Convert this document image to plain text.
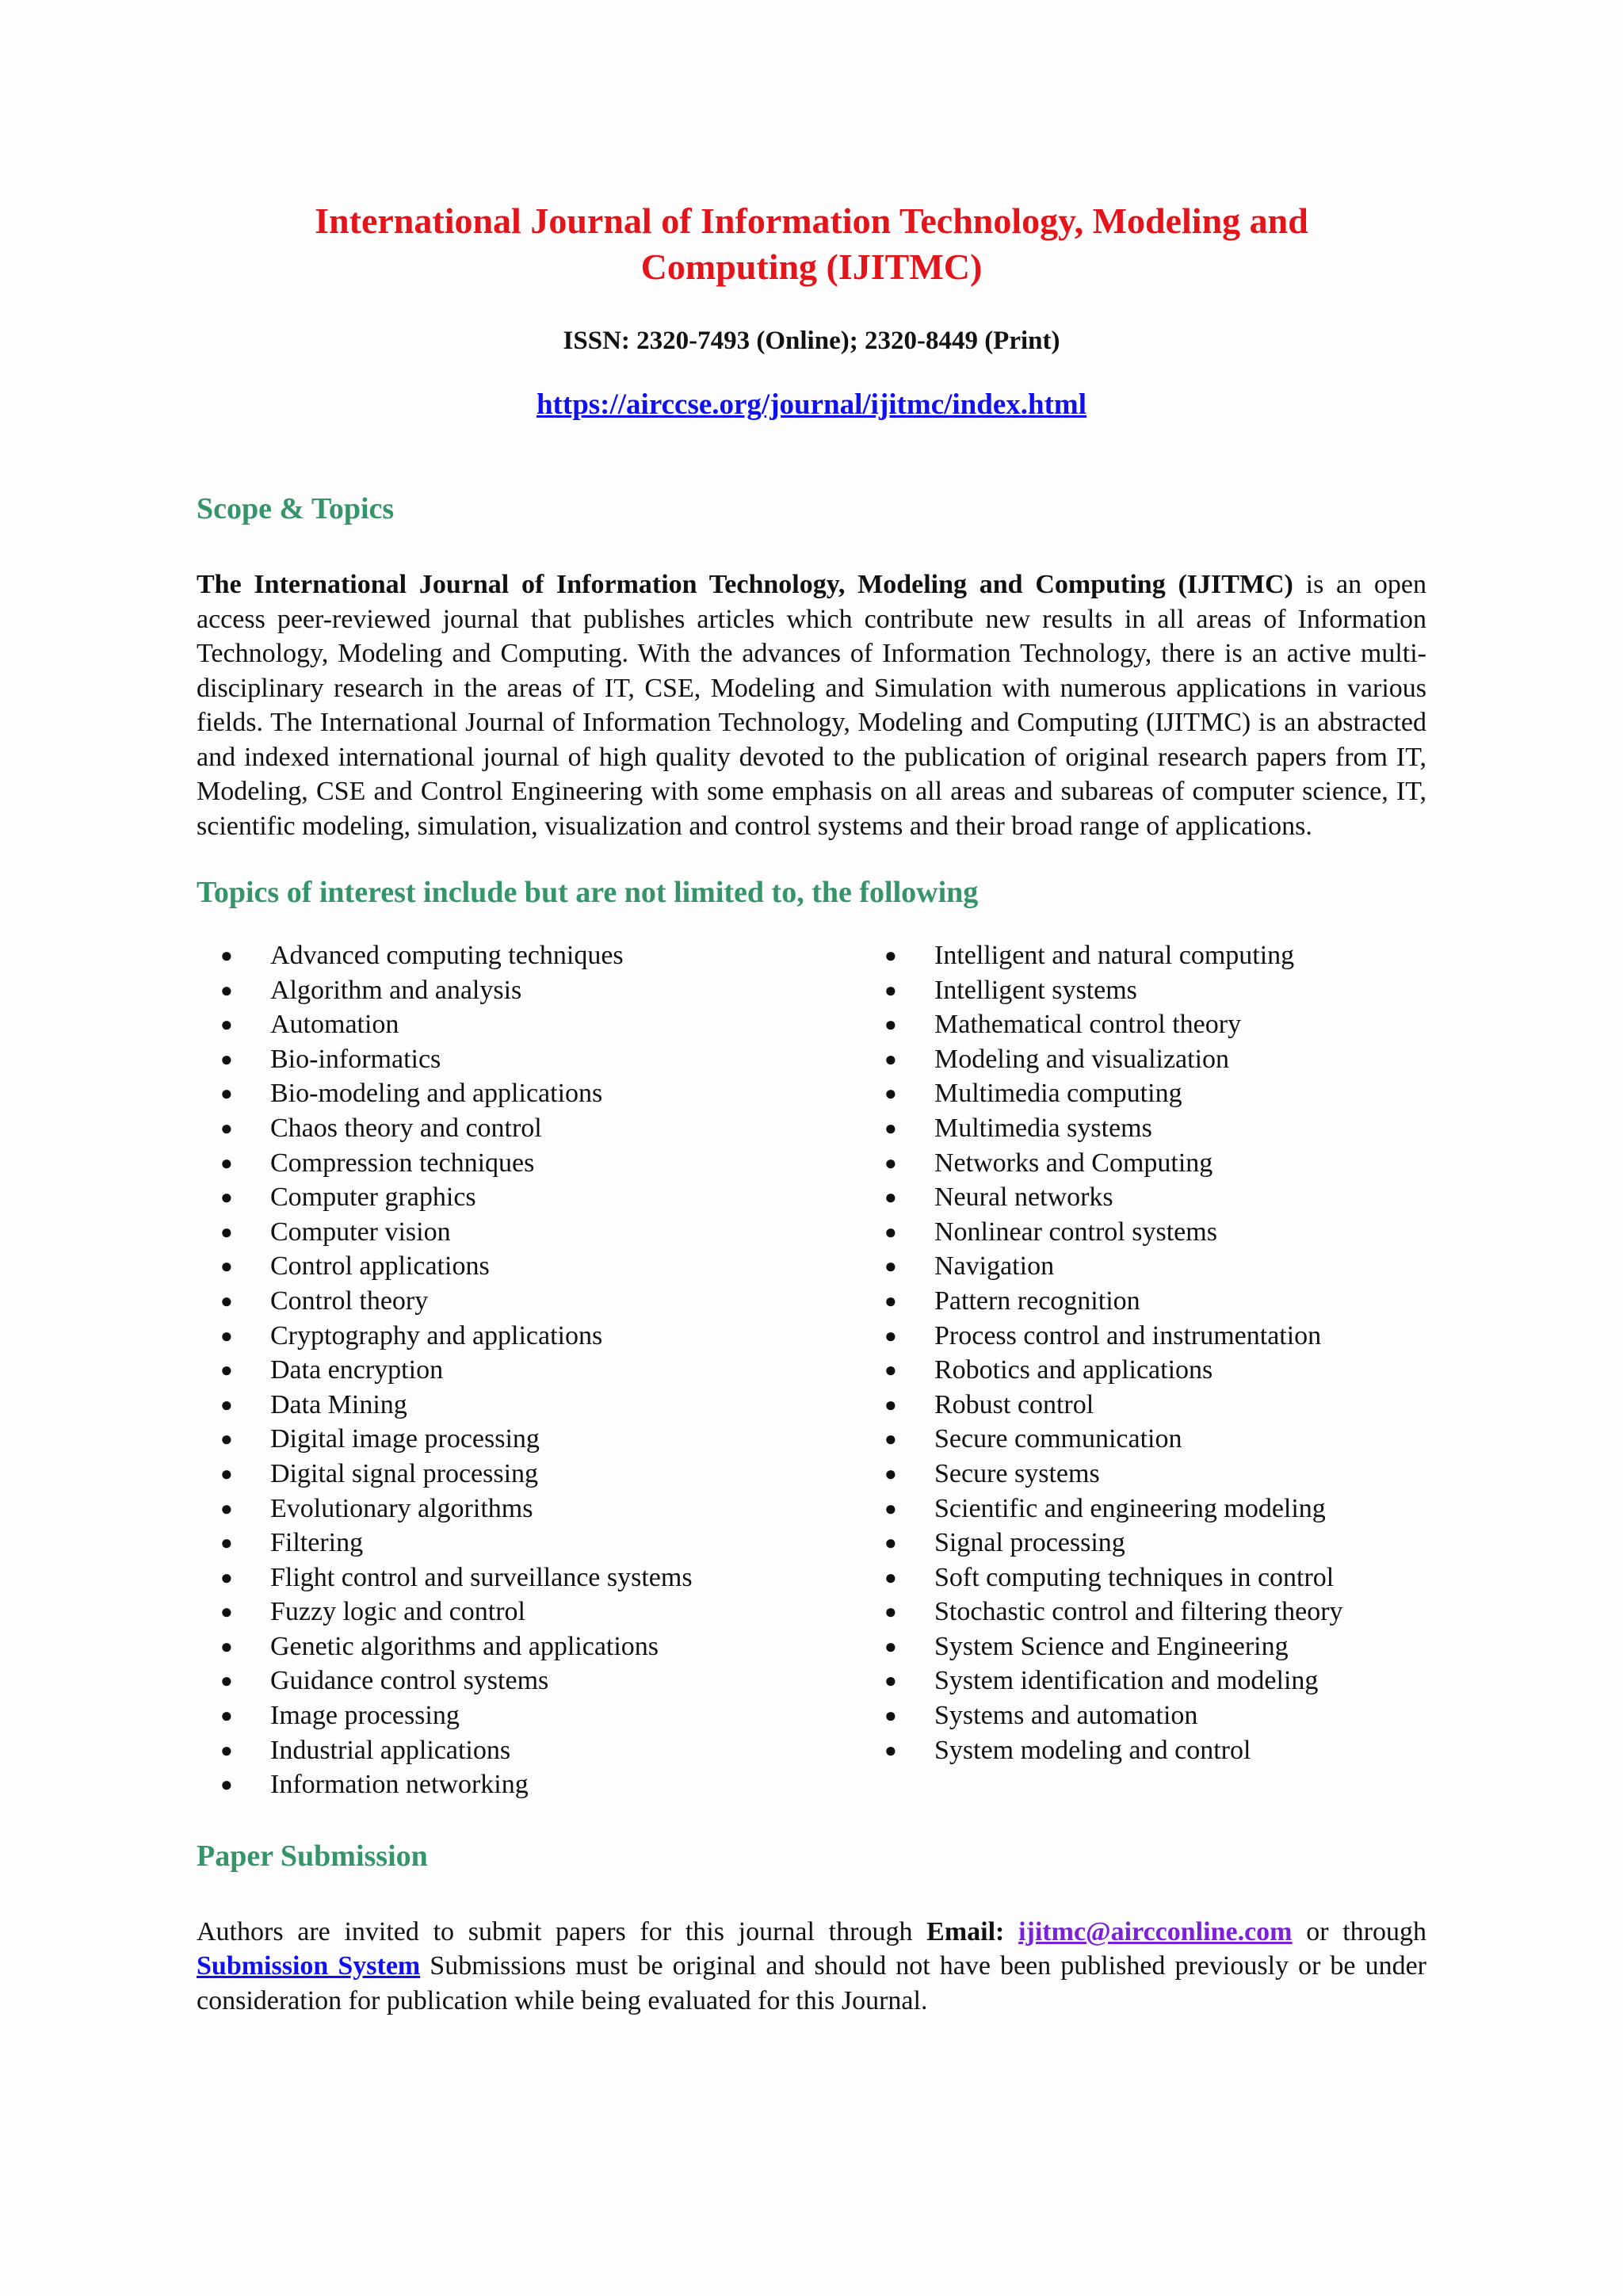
International Journal of Information Technology, Modeling and Computing (IJITMC)
ISSN: 2320-7493 (Online); 2320-8449 (Print)
https://airccse.org/journal/ijitmc/index.html
Scope & Topics
The International Journal of Information Technology, Modeling and Computing (IJITMC) is an open access peer-reviewed journal that publishes articles which contribute new results in all areas of Information Technology, Modeling and Computing. With the advances of Information Technology, there is an active multi-disciplinary research in the areas of IT, CSE, Modeling and Simulation with numerous applications in various fields. The International Journal of Information Technology, Modeling and Computing (IJITMC) is an abstracted and indexed international journal of high quality devoted to the publication of original research papers from IT, Modeling, CSE and Control Engineering with some emphasis on all areas and subareas of computer science, IT, scientific modeling, simulation, visualization and control systems and their broad range of applications.
Topics of interest include but are not limited to, the following
● Advanced computing techniques
● Algorithm and analysis
● Automation
● Bio-informatics
● Bio-modeling and applications
● Chaos theory and control
● Compression techniques
● Computer graphics
● Computer vision
● Control applications
● Control theory
● Cryptography and applications
● Data encryption
● Data Mining
● Digital image processing
● Digital signal processing
● Evolutionary algorithms
● Filtering
● Flight control and surveillance systems
● Fuzzy logic and control
● Genetic algorithms and applications
● Guidance control systems
● Image processing
● Industrial applications
● Information networking
● Intelligent and natural computing
● Intelligent systems
● Mathematical control theory
● Modeling and visualization
● Multimedia computing
● Multimedia systems
● Networks and Computing
● Neural networks
● Nonlinear control systems
● Navigation
● Pattern recognition
● Process control and instrumentation
● Robotics and applications
● Robust control
● Secure communication
● Secure systems
● Scientific and engineering modeling
● Signal processing
● Soft computing techniques in control
● Stochastic control and filtering theory
● System Science and Engineering
● System identification and modeling
● Systems and automation
● System modeling and control
Paper Submission
Authors are invited to submit papers for this journal through Email: ijitmc@aircconline.com or through Submission System Submissions must be original and should not have been published previously or be under consideration for publication while being evaluated for this Journal.
